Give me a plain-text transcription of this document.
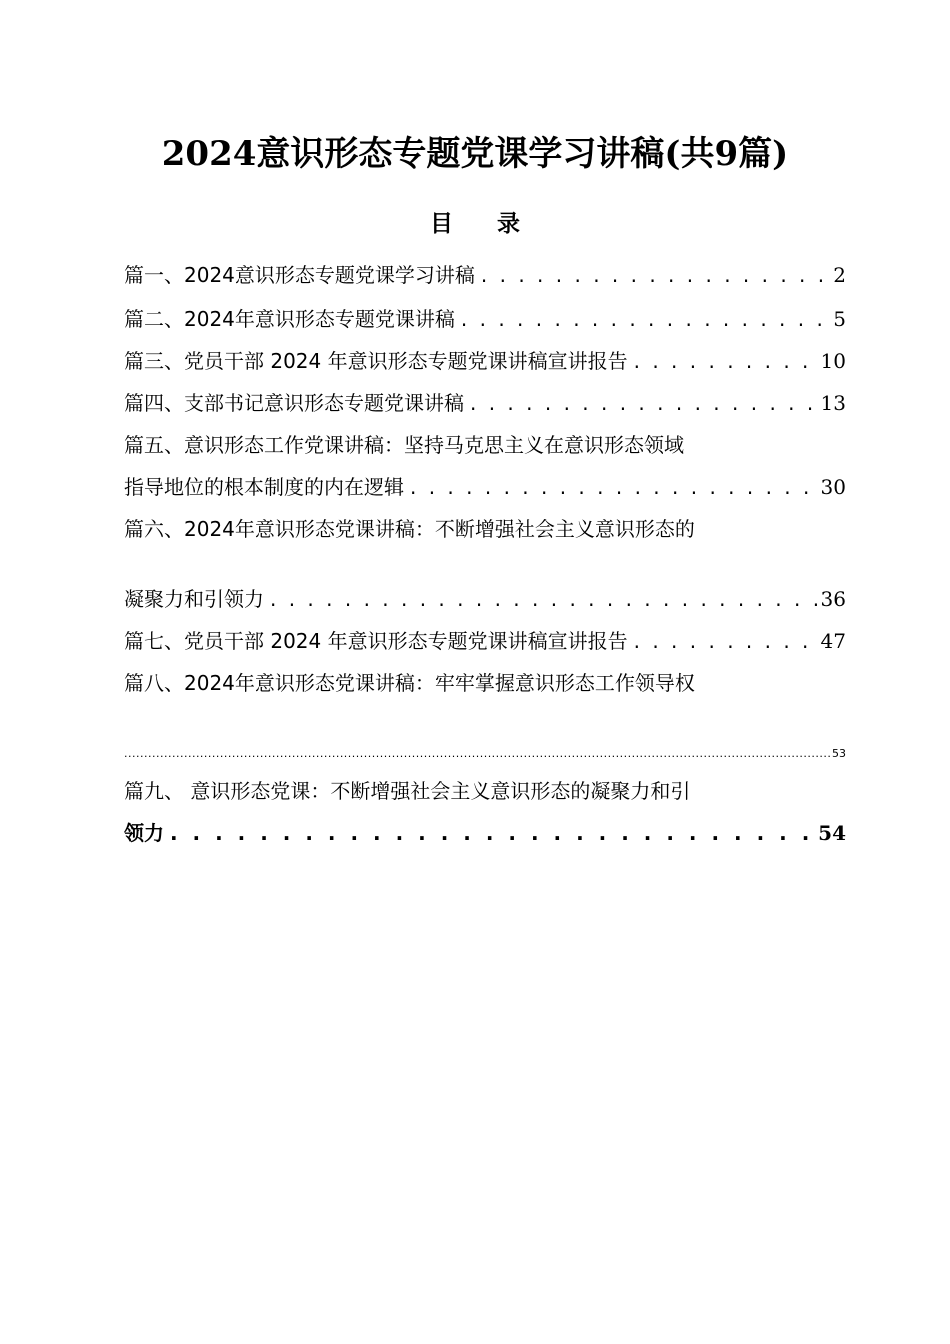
2024意识形态专题党课学习讲稿(共9篇)
目 录
篇一、2024意识形态专题党课学习讲稿 . . .	2
篇二、2024年意识形态专题党课讲稿 . . .	5
篇三、党员干部 2024 年意识形态专题党课讲稿宣讲报告 . . .	10
篇四、支部书记意识形态专题党课讲稿 . . .	13
篇五、意识形态工作党课讲稿：坚持马克思主义在意识形态领域
指导地位的根本制度的内在逻辑 . . .	30
篇六、2024年意识形态党课讲稿：不断增强社会主义意识形态的
凝聚力和引领力 . . .	36
篇七、党员干部 2024 年意识形态专题党课讲稿宣讲报告 . . .	47
篇八、2024年意识形态党课讲稿：牢牢掌握意识形态工作领导权
.....
53
篇九、 意识形态党课：不断增强社会主义意识形态的凝聚力和引
领力 . . .	54
